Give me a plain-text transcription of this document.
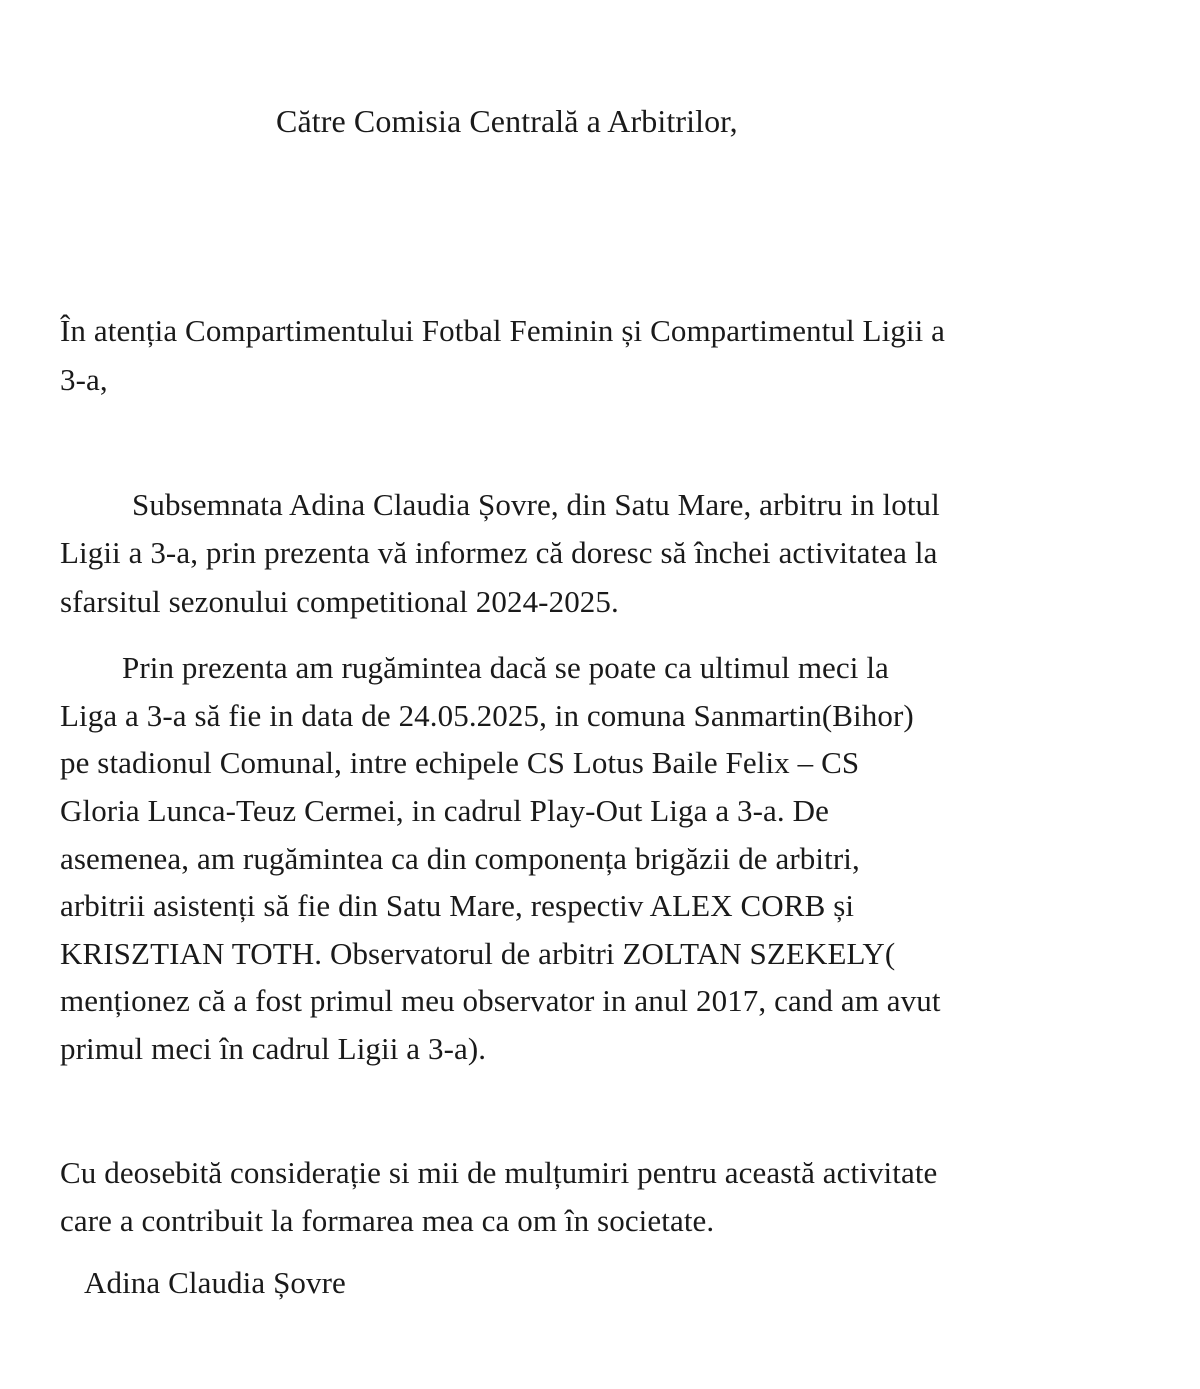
Către Comisia Centrală a Arbitrilor,
În atenția Compartimentului Fotbal Feminin și Compartimentul Ligii a
3-a,
Subsemnata Adina Claudia Șovre, din Satu Mare, arbitru in lotul
Ligii a 3-a, prin prezenta vă informez că doresc să închei activitatea la
sfarsitul sezonului competitional 2024-2025.
Prin prezenta am rugămintea dacă se poate ca ultimul meci la
Liga a 3-a să fie in data de 24.05.2025, in comuna Sanmartin(Bihor)
pe stadionul Comunal, intre echipele CS Lotus Baile Felix – CS
Gloria Lunca-Teuz Cermei, in cadrul Play-Out Liga a 3-a. De
asemenea, am rugămintea ca din componența brigăzii de arbitri,
arbitrii asistenți să fie din Satu Mare, respectiv ALEX CORB și
KRISZTIAN TOTH. Observatorul de arbitri ZOLTAN SZEKELY(
menționez că a fost primul meu observator in anul 2017, cand am avut
primul meci în cadrul Ligii a 3-a).
Cu deosebită considerație si mii de mulțumiri pentru această activitate
care a contribuit la formarea mea ca om în societate.
Adina Claudia Șovre
